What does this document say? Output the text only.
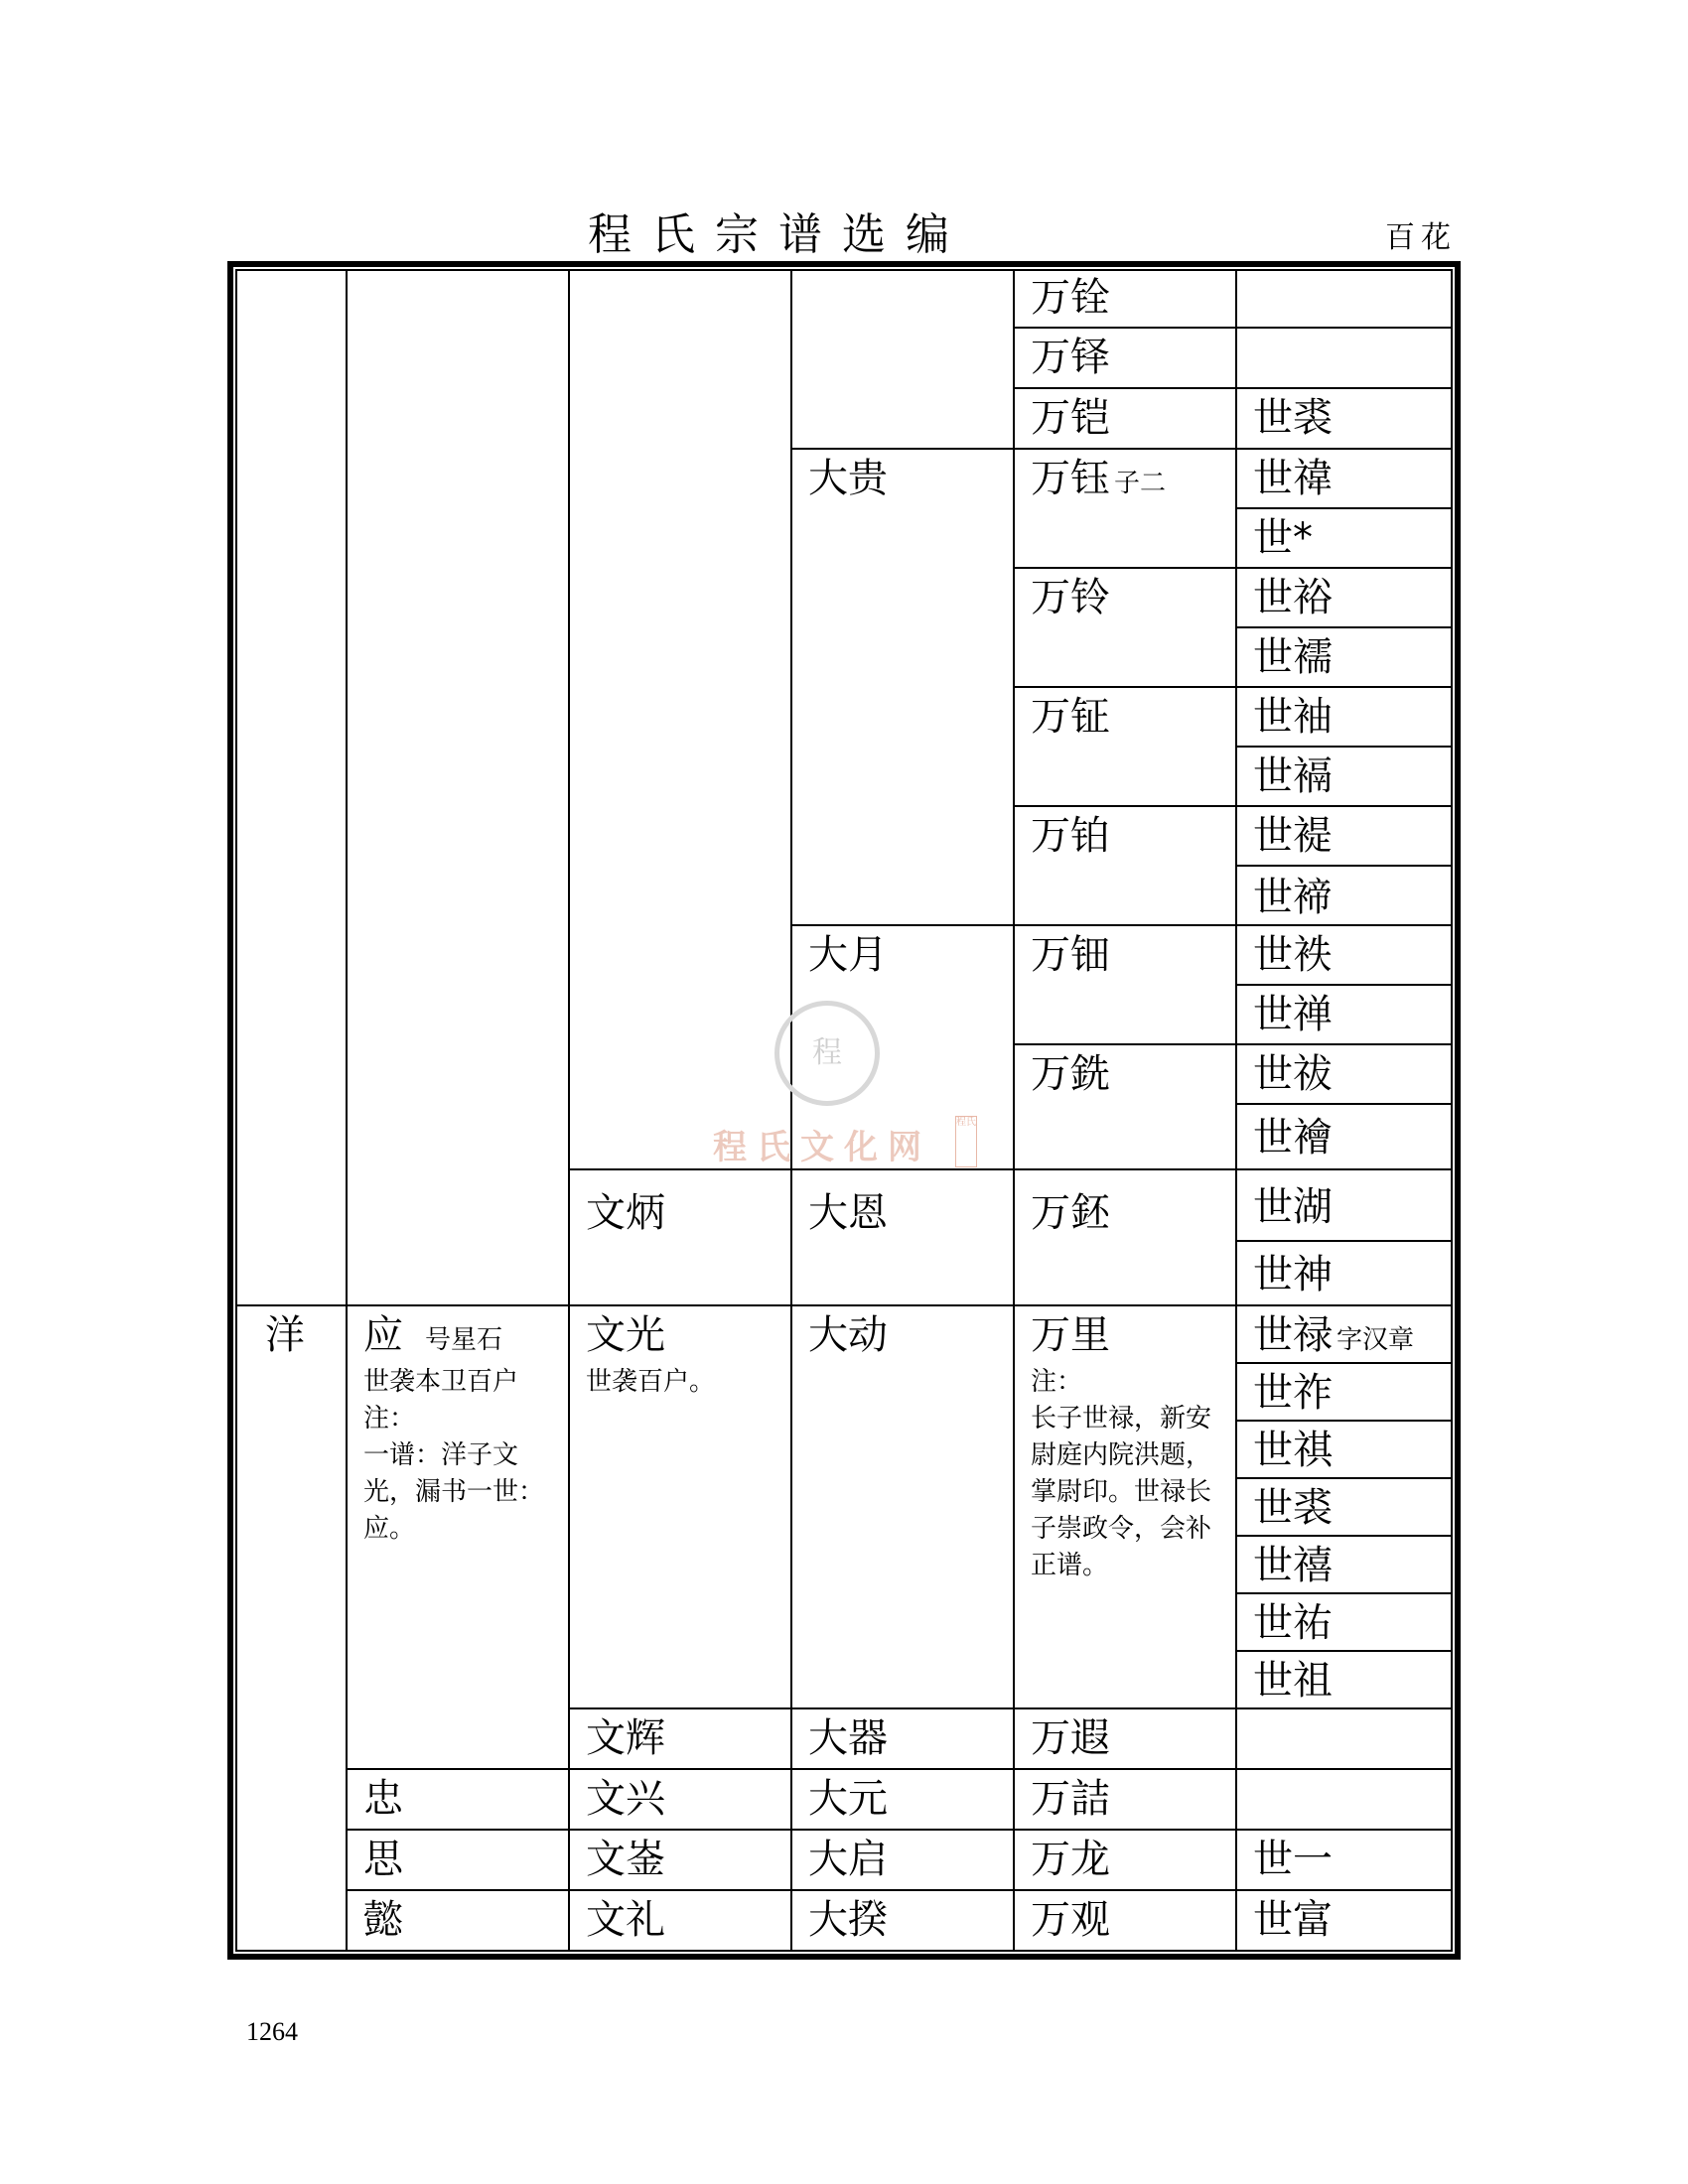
程氏宗谱选编	百花
洋 应号星石
世袭本卫百户
注：
一谱：洋子文
光，漏书一世：
应。
忠
思
懿
文炳
文光
世袭百户。
文辉
文兴
文崟
文礼
大贵
大月
大恩
大动
大器
大元
大启
大揆
万铨
万铎
万铠
万钰 子二
万铃
万钲
万铂
万钿
万銑
万鉟
万里
注：
长子世禄，新安
尉庭内院洪题，
掌尉印。世禄长
子崇政令，会补
正谱。
万遐
万詰
万龙
万观
世裘
世禕
世*
世裕
世襦
世袖
世䙐
世褆
世褅
世袟
世禅
世祓
世襘
世湖
世神
世禄 字汉章
世祚
世祺
世裘
世禧
世祐
世祖
世一
世富
程
程氏文化网
程氏
1264
